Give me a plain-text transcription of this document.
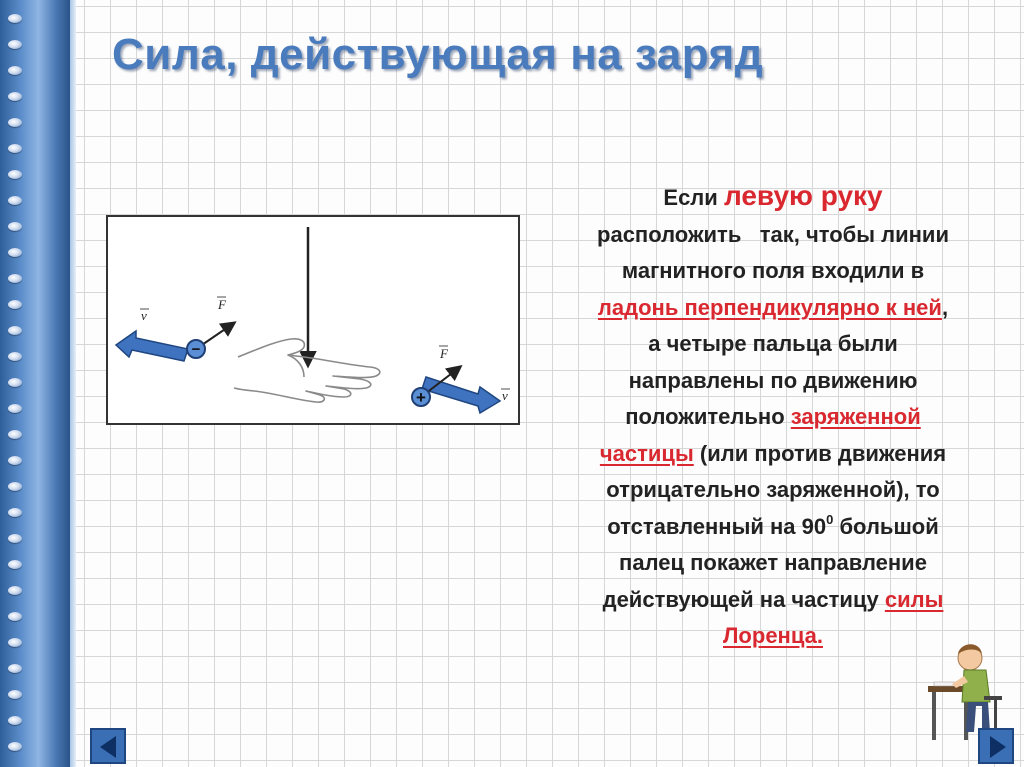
Сила, действующая на заряд
−
v
F
+
F
v

Если левую руку

расположить   так, чтобы линии

магнитного поля входили в

ладонь перпендикулярно к ней,

а четыре пальца были

направлены по движению

положительно заряженной

частицы (или против движения

отрицательно заряженной), то

отставленный на $90^0$ большой

палец покажет направление

действующей на частицу силы

Лоренца.
